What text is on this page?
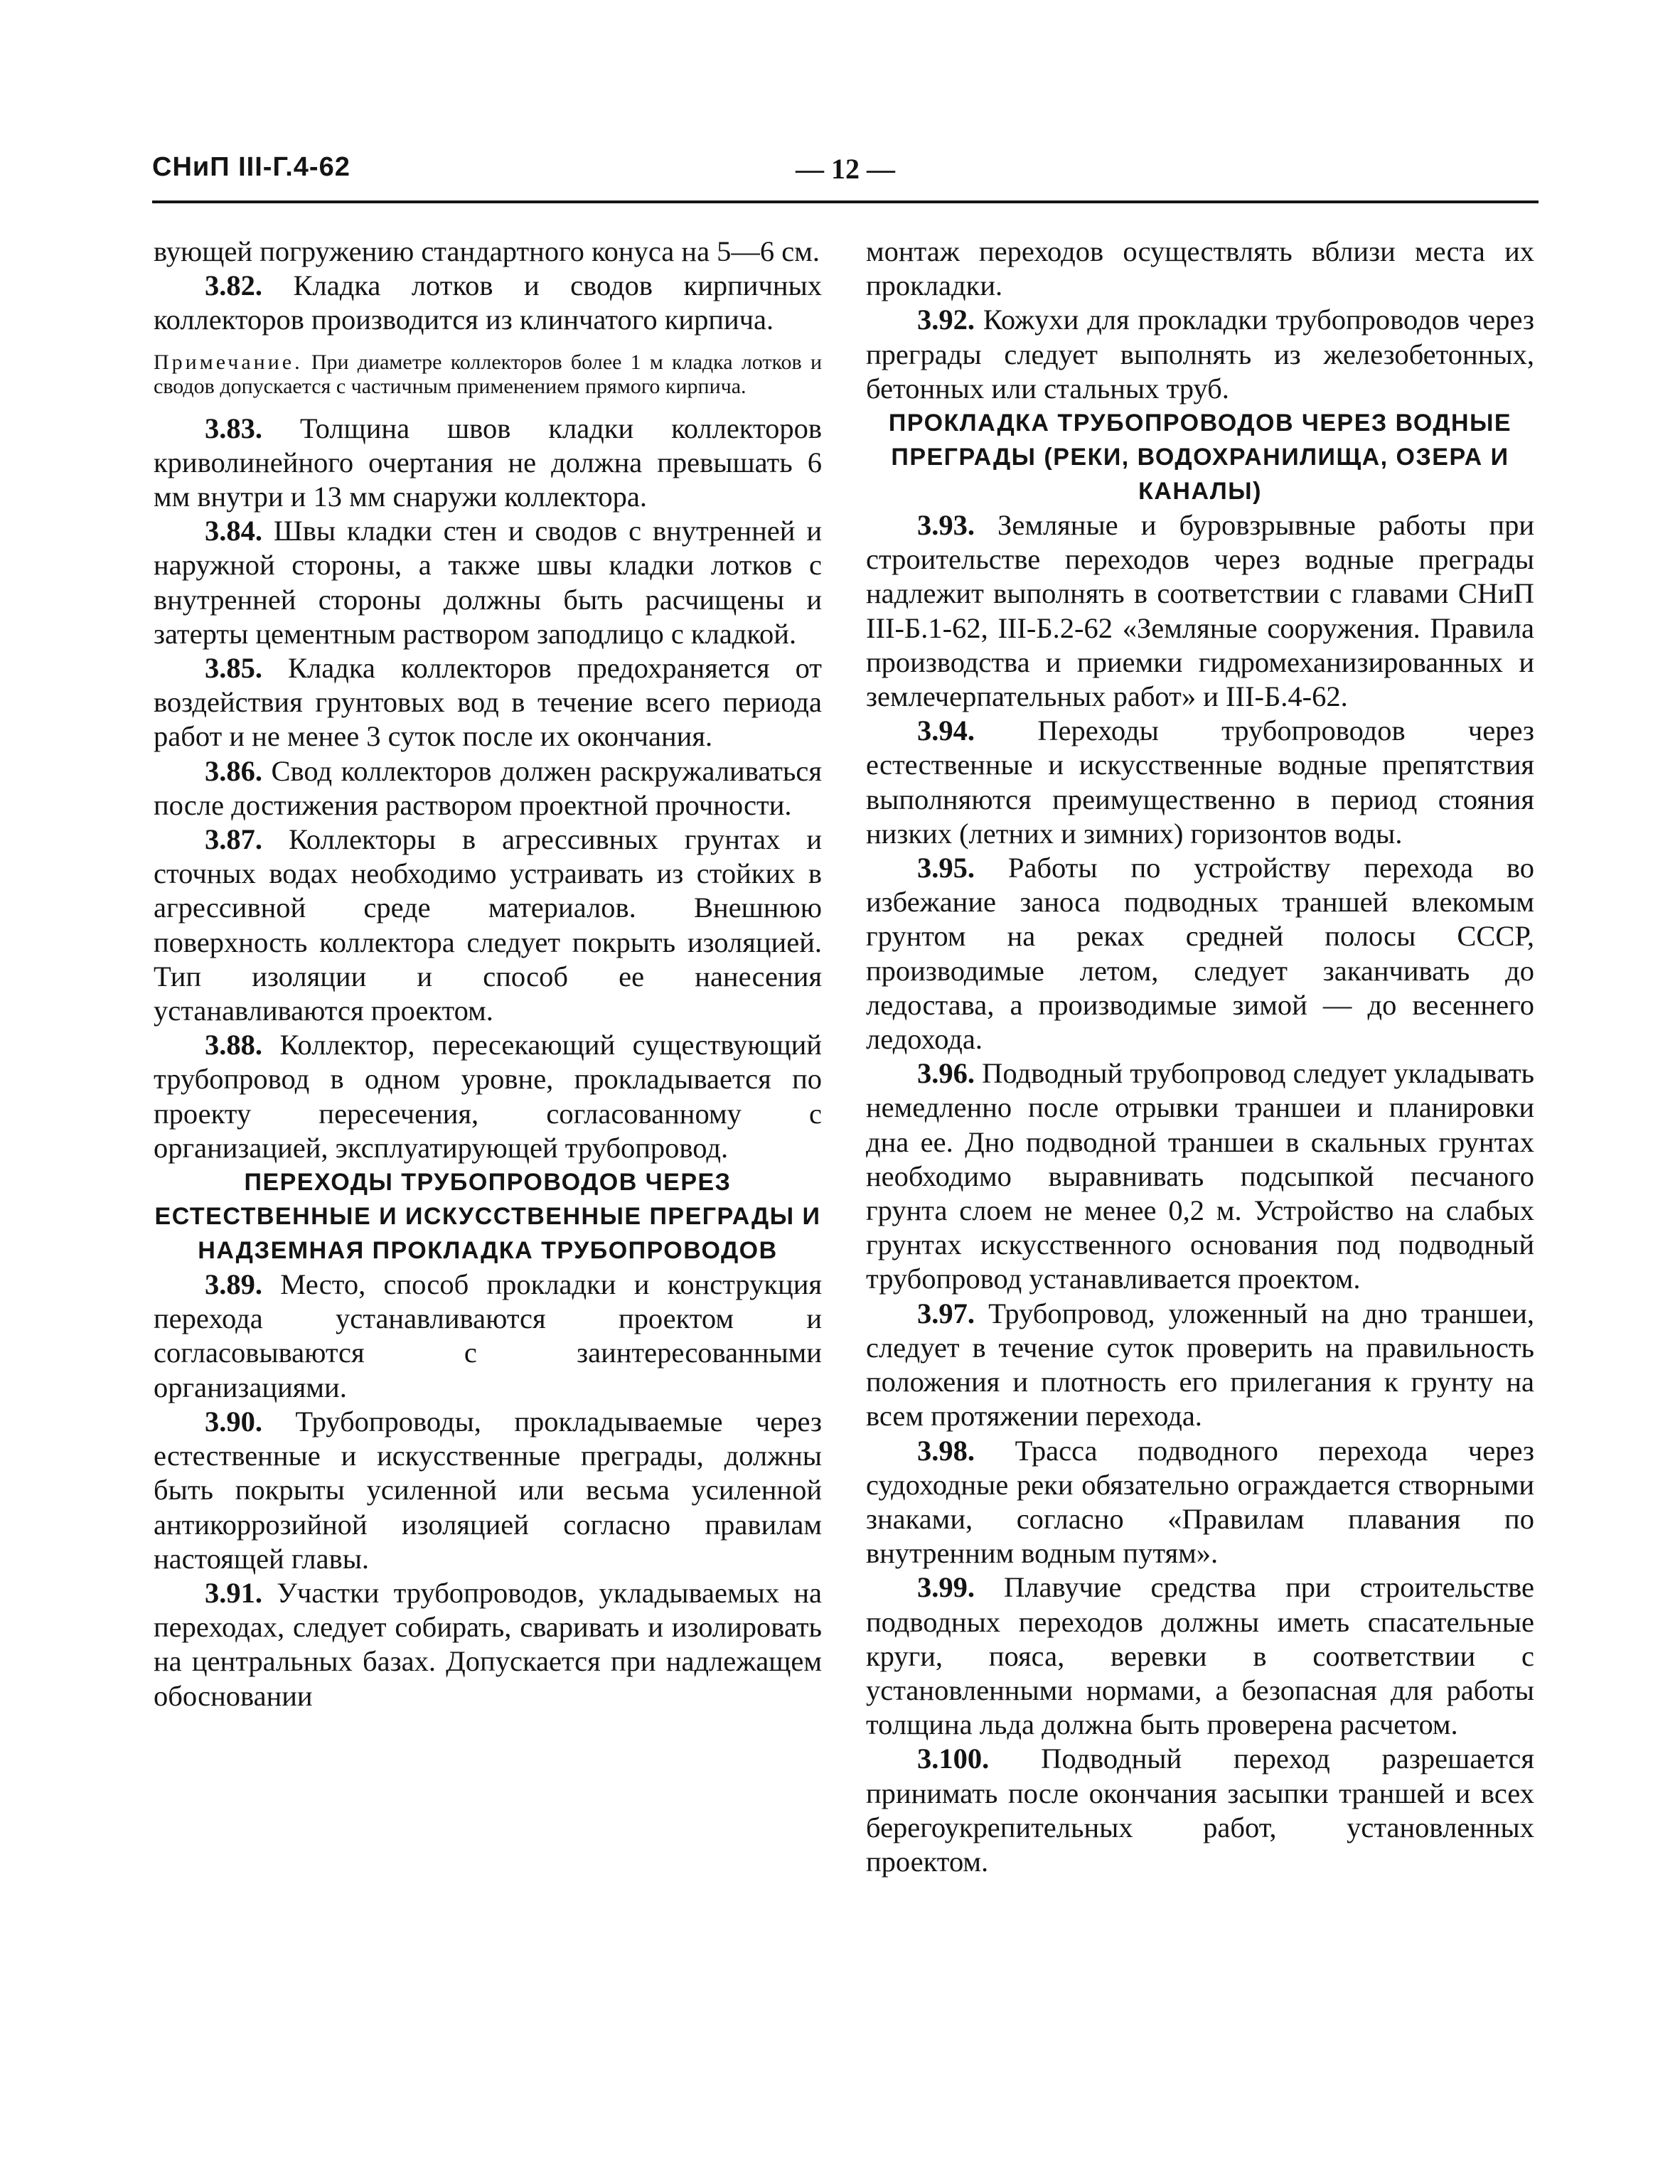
СНиП III-Г.4-62	— 12 —

вующей погружению стандартного конуса на 5—6 см.

3.82. Кладка лотков и сводов кирпичных коллекторов производится из клинчатого кирпича.

Примечание. При диаметре коллекторов более 1 м кладка лотков и сводов допускается с частичным применением прямого кирпича.

3.83. Толщина швов кладки коллекторов криволинейного очертания не должна превышать 6 мм внутри и 13 мм снаружи коллектора.

3.84. Швы кладки стен и сводов с внутренней и наружной стороны, а также швы кладки лотков с внутренней стороны должны быть расчищены и затерты цементным раствором заподлицо с кладкой.

3.85. Кладка коллекторов предохраняется от воздействия грунтовых вод в течение всего периода работ и не менее 3 суток после их окончания.

3.86. Свод коллекторов должен раскружаливаться после достижения раствором проектной прочности.

3.87. Коллекторы в агрессивных грунтах и сточных водах необходимо устраивать из стойких в агрессивной среде материалов. Внешнюю поверхность коллектора следует покрыть изоляцией. Тип изоляции и способ ее нанесения устанавливаются проектом.

3.88. Коллектор, пересекающий существующий трубопровод в одном уровне, прокладывается по проекту пересечения, согласованному с организацией, эксплуатирующей трубопровод.

ПЕРЕХОДЫ ТРУБОПРОВОДОВ ЧЕРЕЗ ЕСТЕСТВЕННЫЕ И ИСКУССТВЕННЫЕ ПРЕГРАДЫ И НАДЗЕМНАЯ ПРОКЛАДКА ТРУБОПРОВОДОВ

3.89. Место, способ прокладки и конструкция перехода устанавливаются проектом и согласовываются с заинтересованными организациями.

3.90. Трубопроводы, прокладываемые через естественные и искусственные преграды, должны быть покрыты усиленной или весьма усиленной антикоррозийной изоляцией согласно правилам настоящей главы.

3.91. Участки трубопроводов, укладываемых на переходах, следует собирать, сваривать и изолировать на центральных базах. Допускается при надлежащем обосновании

монтаж переходов осуществлять вблизи места их прокладки.

3.92. Кожухи для прокладки трубопроводов через преграды следует выполнять из железобетонных, бетонных или стальных труб.

ПРОКЛАДКА ТРУБОПРОВОДОВ ЧЕРЕЗ ВОДНЫЕ ПРЕГРАДЫ (РЕКИ, ВОДОХРАНИЛИЩА, ОЗЕРА И КАНАЛЫ)

3.93. Земляные и буровзрывные работы при строительстве переходов через водные преграды надлежит выполнять в соответствии с главами СНиП III-Б.1-62, III-Б.2-62 «Земляные сооружения. Правила производства и приемки гидромеханизированных и землечерпательных работ» и III-Б.4-62.

3.94. Переходы трубопроводов через естественные и искусственные водные препятствия выполняются преимущественно в период стояния низких (летних и зимних) горизонтов воды.

3.95. Работы по устройству перехода во избежание заноса подводных траншей влекомым грунтом на реках средней полосы СССР, производимые летом, следует заканчивать до ледостава, а производимые зимой — до весеннего ледохода.

3.96. Подводный трубопровод следует укладывать немедленно после отрывки траншеи и планировки дна ее. Дно подводной траншеи в скальных грунтах необходимо выравнивать подсыпкой песчаного грунта слоем не менее 0,2 м. Устройство на слабых грунтах искусственного основания под подводный трубопровод устанавливается проектом.

3.97. Трубопровод, уложенный на дно траншеи, следует в течение суток проверить на правильность положения и плотность его прилегания к грунту на всем протяжении перехода.

3.98. Трасса подводного перехода через судоходные реки обязательно ограждается створными знаками, согласно «Правилам плавания по внутренним водным путям».

3.99. Плавучие средства при строительстве подводных переходов должны иметь спасательные круги, пояса, веревки в соответствии с установленными нормами, а безопасная для работы толщина льда должна быть проверена расчетом.

3.100. Подводный переход разрешается принимать после окончания засыпки траншей и всех берегоукрепительных работ, установленных проектом.
